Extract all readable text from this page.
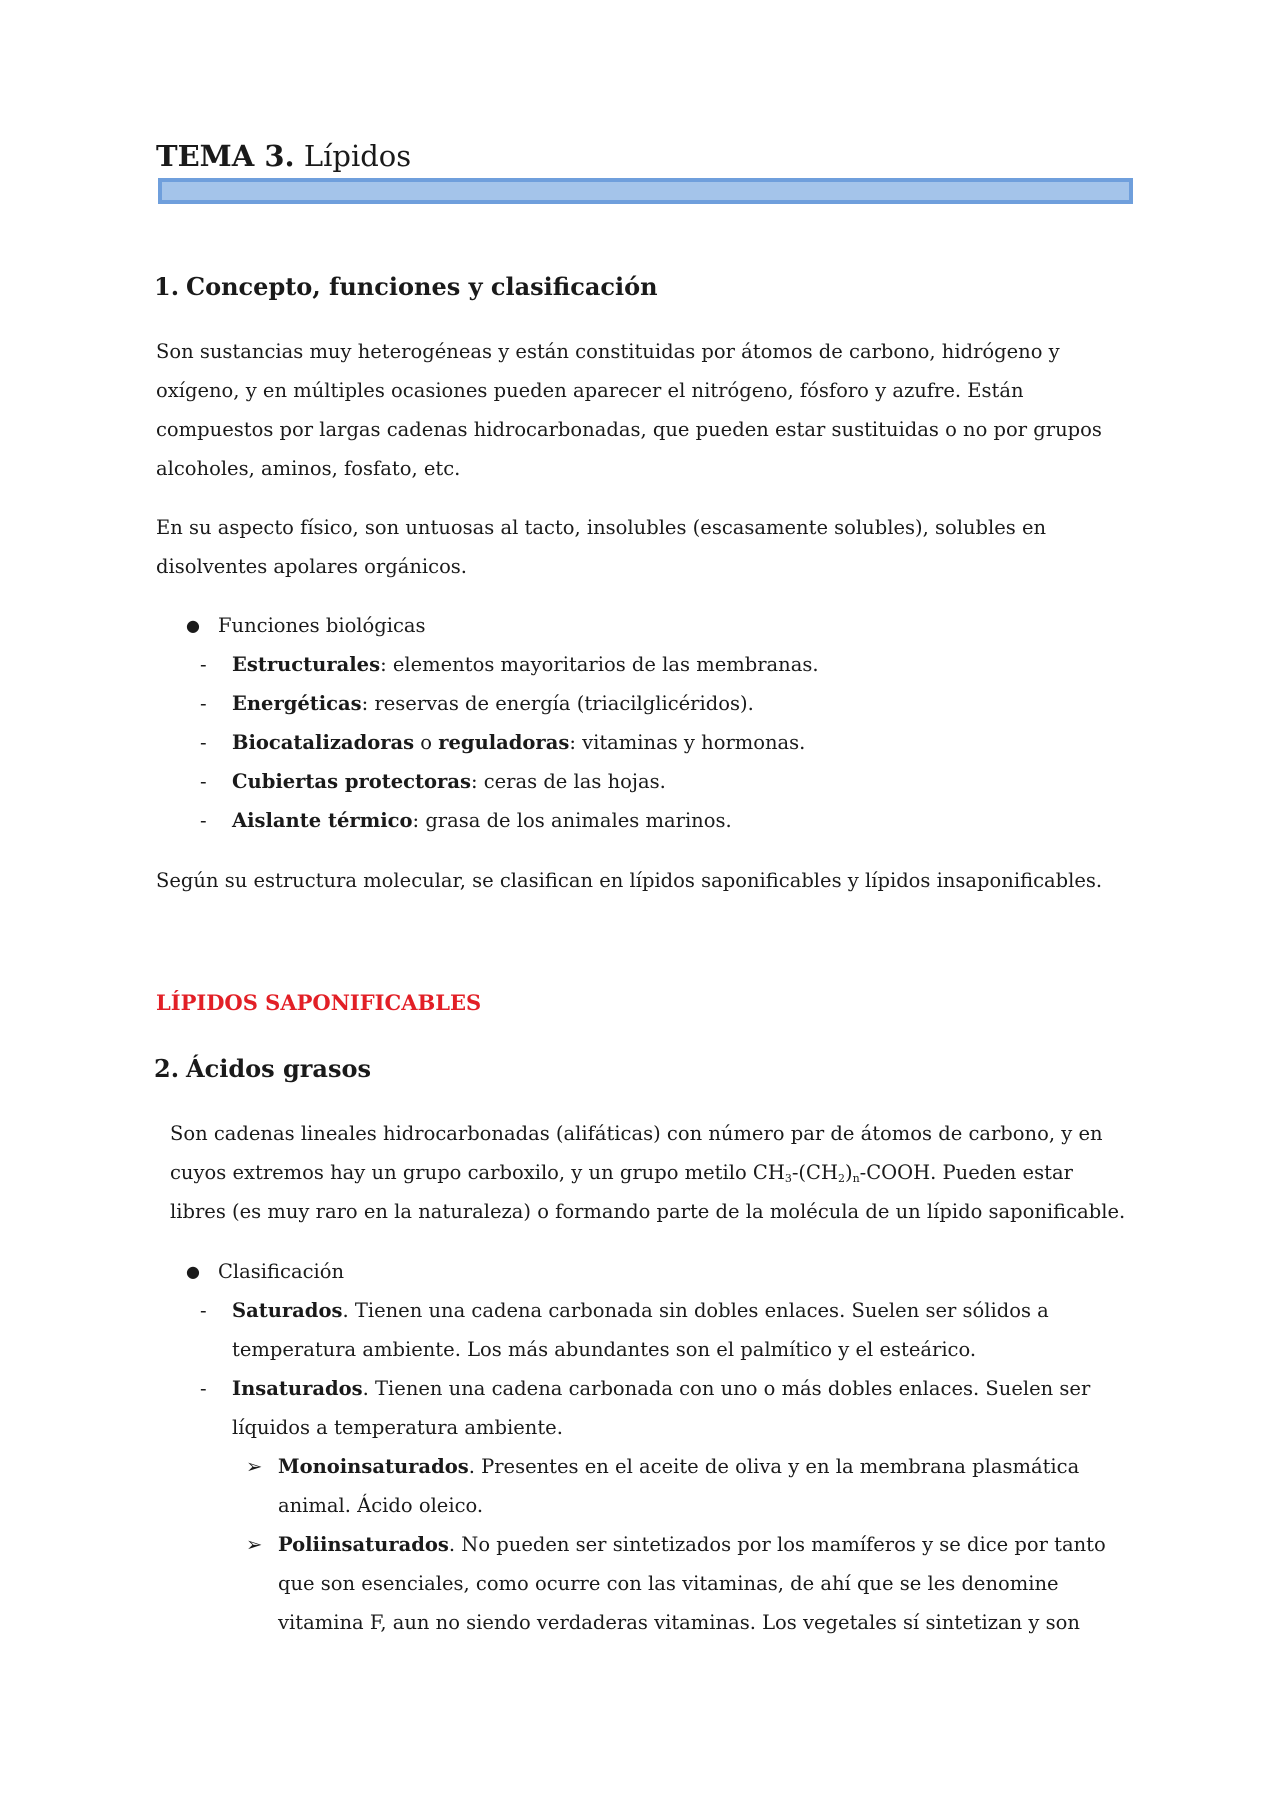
TEMA 3. Lípidos
1. Concepto, funciones y clasificación

Son sustancias muy heterogéneas y están constituidas por átomos de carbono, hidrógeno y
oxígeno, y en múltiples ocasiones pueden aparecer el nitrógeno, fósforo y azufre. Están
compuestos por largas cadenas hidrocarbonadas, que pueden estar sustituidas o no por grupos
alcoholes, aminos, fosfato, etc.

En su aspecto físico, son untuosas al tacto, insolubles (escasamente solubles), solubles en
disolventes apolares orgánicos.

● Funciones biológicas
- Estructurales: elementos mayoritarios de las membranas.
- Energéticas: reservas de energía (triacilglicéridos).
- Biocatalizadoras o reguladoras: vitaminas y hormonas.
- Cubiertas protectoras: ceras de las hojas.
- Aislante térmico: grasa de los animales marinos.

Según su estructura molecular, se clasifican en lípidos saponificables y lípidos insaponificables.

LÍPIDOS SAPONIFICABLES
2. Ácidos grasos

Son cadenas lineales hidrocarbonadas (alifáticas) con número par de átomos de carbono, y en
cuyos extremos hay un grupo carboxilo, y un grupo metilo $CH_3-(CH_2)_n$-COOH. Pueden estar
libres (es muy raro en la naturaleza) o formando parte de la molécula de un lípido saponificable.

● Clasificación
- Saturados. Tienen una cadena carbonada sin dobles enlaces. Suelen ser sólidos a
temperatura ambiente. Los más abundantes son el palmítico y el esteárico.
- Insaturados. Tienen una cadena carbonada con uno o más dobles enlaces. Suelen ser
líquidos a temperatura ambiente.
➢ Monoinsaturados. Presentes en el aceite de oliva y en la membrana plasmática
animal. Ácido oleico.
➢ Poliinsaturados. No pueden ser sintetizados por los mamíferos y se dice por tanto
que son esenciales, como ocurre con las vitaminas, de ahí que se les denomine
vitamina F, aun no siendo verdaderas vitaminas. Los vegetales sí sintetizan y son
